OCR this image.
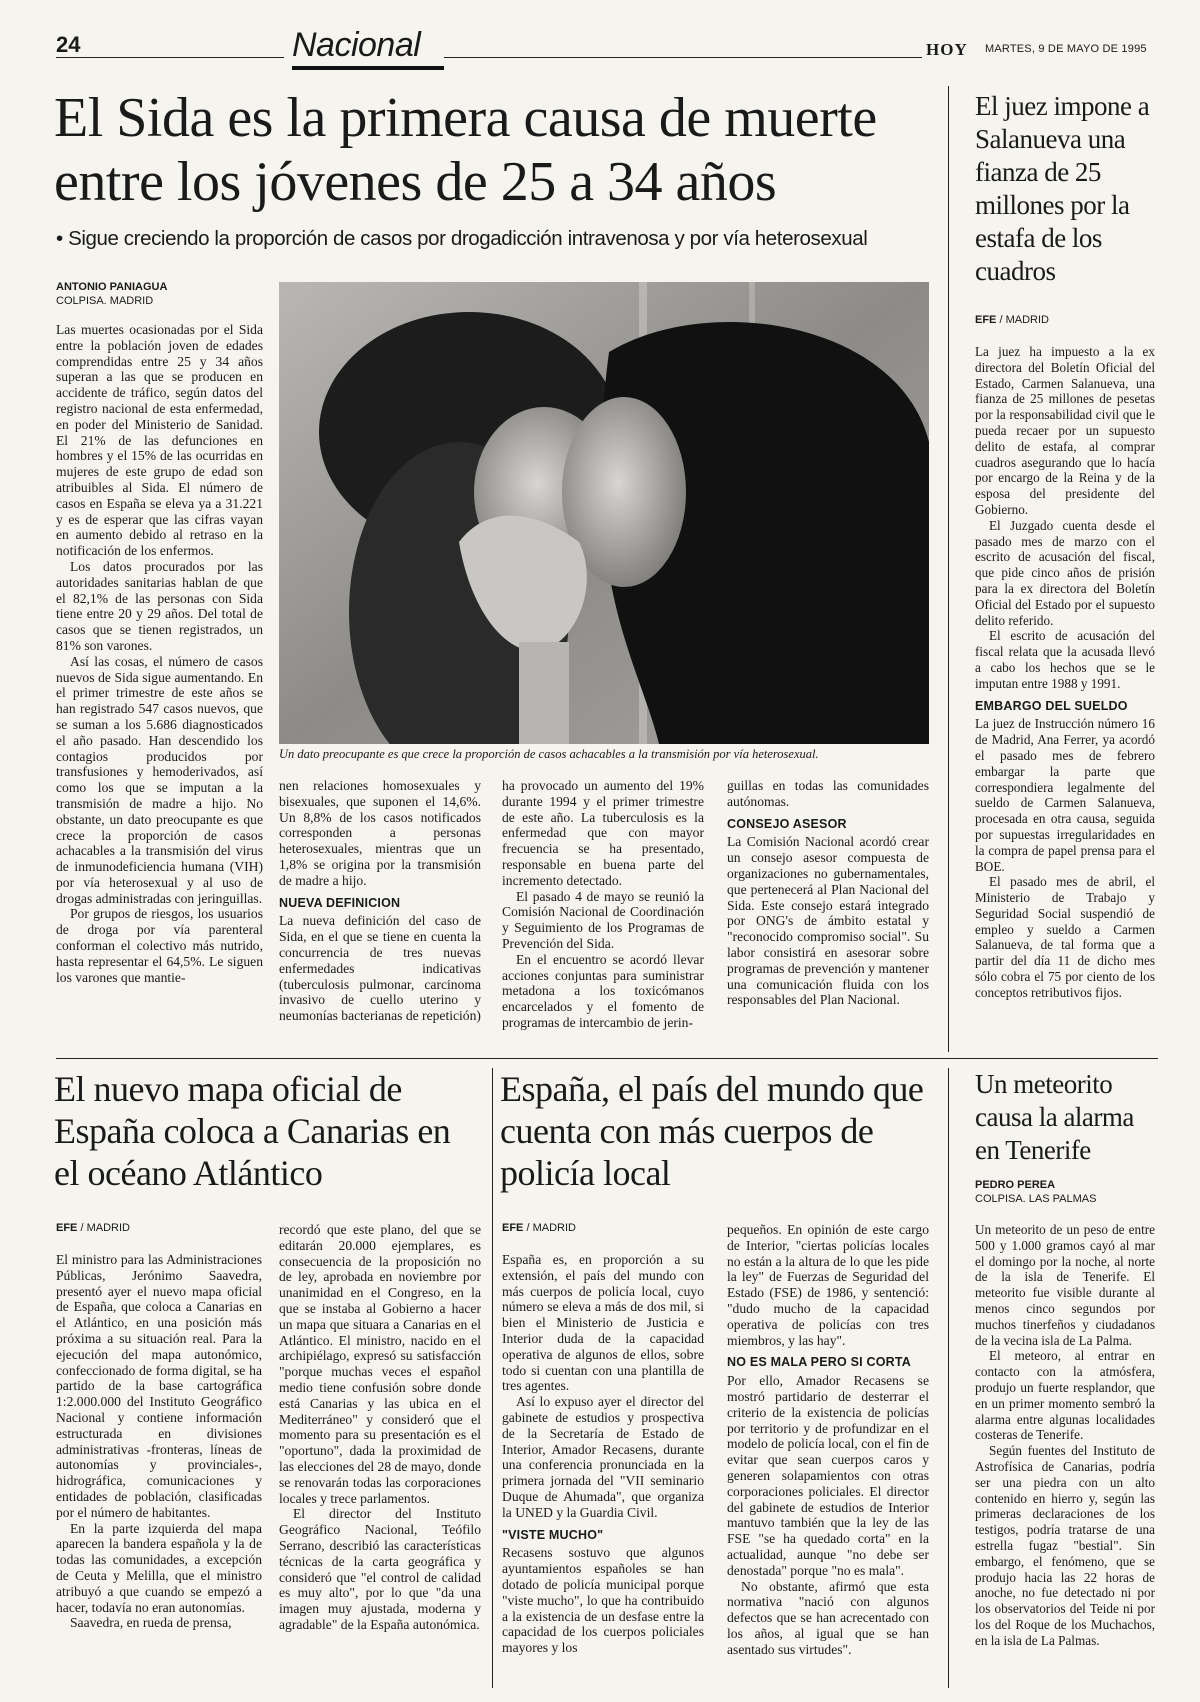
24	Nacional	HOY MARTES, 9 DE MAYO DE 1995
El Sida es la primera causa de muerte
entre los jóvenes de 25 a 34 años
• Sigue creciendo la proporción de casos por drogadicción intravenosa y por vía heterosexual
ANTONIO PANIAGUA
COLPISA. MADRID
Un dato preocupante es que crece la proporción de casos achacables a la transmisión por vía heterosexual.

Las muertes ocasionadas por el Sida entre la población joven de edades comprendidas entre 25 y 34 años superan a las que se producen en accidente de tráfico, según datos del registro nacional de esta enfermedad, en poder del Ministerio de Sanidad. El 21% de las defunciones en hombres y el 15% de las ocurridas en mujeres de este grupo de edad son atribuibles al Sida. El número de casos en España se eleva ya a 31.221 y es de esperar que las cifras vayan en aumento debido al retraso en la notificación de los enfermos.

Los datos procurados por las autoridades sanitarias hablan de que el 82,1% de las personas con Sida tiene entre 20 y 29 años. Del total de casos que se tienen registrados, un 81% son varones.

Así las cosas, el número de casos nuevos de Sida sigue aumentando. En el primer trimestre de este años se han registrado 547 casos nuevos, que se suman a los 5.686 diagnosticados el año pasado. Han descendido los contagios producidos por transfusiones y hemoderivados, así como los que se imputan a la transmisión de madre a hijo. No obstante, un dato preocupante es que crece la proporción de casos achacables a la transmisión del virus de inmunodeficiencia humana (VIH) por vía heterosexual y al uso de drogas administradas con jeringuillas.

Por grupos de riesgos, los usuarios de droga por vía parenteral conforman el colectivo más nutrido, hasta representar el 64,5%. Le siguen los varones que mantie-

nen relaciones homosexuales y bisexuales, que suponen el 14,6%. Un 8,8% de los casos notificados corresponden a personas heterosexuales, mientras que un 1,8% se origina por la transmisión de madre a hijo.

NUEVA DEFINICION

La nueva definición del caso de Sida, en el que se tiene en cuenta la concurrencia de tres nuevas enfermedades indicativas (tuberculosis pulmonar, carcinoma invasivo de cuello uterino y neumonías bacterianas de repetición)

ha provocado un aumento del 19% durante 1994 y el primer trimestre de este año. La tuberculosis es la enfermedad que con mayor frecuencia se ha presentado, responsable en buena parte del incremento detectado.

El pasado 4 de mayo se reunió la Comisión Nacional de Coordinación y Seguimiento de los Programas de Prevención del Sida.

En el encuentro se acordó llevar acciones conjuntas para suministrar metadona a los toxicómanos encarcelados y el fomento de programas de intercambio de jerin-

guillas en todas las comunidades autónomas.

CONSEJO ASESOR

La Comisión Nacional acordó crear un consejo asesor compuesta de organizaciones no gubernamentales, que pertenecerá al Plan Nacional del Sida. Este consejo estará integrado por ONG's de ámbito estatal y "reconocido compromiso social". Su labor consistirá en asesorar sobre programas de prevención y mantener una comunicación fluida con los responsables del Plan Nacional.

El juez impone a Salanueva una fianza de 25 millones por la estafa de los cuadros
EFE / MADRID

La juez ha impuesto a la ex directora del Boletín Oficial del Estado, Carmen Salanueva, una fianza de 25 millones de pesetas por la responsabilidad civil que le pueda recaer por un supuesto delito de estafa, al comprar cuadros asegurando que lo hacía por encargo de la Reina y de la esposa del presidente del Gobierno.

El Juzgado cuenta desde el pasado mes de marzo con el escrito de acusación del fiscal, que pide cinco años de prisión para la ex directora del Boletín Oficial del Estado por el supuesto delito referido.

El escrito de acusación del fiscal relata que la acusada llevó a cabo los hechos que se le imputan entre 1988 y 1991.

EMBARGO DEL SUELDO

La juez de Instrucción número 16 de Madrid, Ana Ferrer, ya acordó el pasado mes de febrero embargar la parte que correspondiera legalmente del sueldo de Carmen Salanueva, procesada en otra causa, seguida por supuestas irregularidades en la compra de papel prensa para el BOE.

El pasado mes de abril, el Ministerio de Trabajo y Seguridad Social suspendió de empleo y sueldo a Carmen Salanueva, de tal forma que a partir del día 11 de dicho mes sólo cobra el 75 por ciento de los conceptos retributivos fijos.

El nuevo mapa oficial de España coloca a Canarias en el océano Atlántico
EFE / MADRID

El ministro para las Administraciones Públicas, Jerónimo Saavedra, presentó ayer el nuevo mapa oficial de España, que coloca a Canarias en el Atlántico, en una posición más próxima a su situación real. Para la ejecución del mapa autonómico, confeccionado de forma digital, se ha partido de la base cartográfica 1:2.000.000 del Instituto Geográfico Nacional y contiene información estructurada en divisiones administrativas -fronteras, líneas de autonomías y provinciales-, hidrográfica, comunicaciones y entidades de población, clasificadas por el número de habitantes.

En la parte izquierda del mapa aparecen la bandera española y la de todas las comunidades, a excepción de Ceuta y Melilla, que el ministro atribuyó a que cuando se empezó a hacer, todavía no eran autonomías.

Saavedra, en rueda de prensa,

recordó que este plano, del que se editarán 20.000 ejemplares, es consecuencia de la proposición no de ley, aprobada en noviembre por unanimidad en el Congreso, en la que se instaba al Gobierno a hacer un mapa que situara a Canarias en el Atlántico. El ministro, nacido en el archipiélago, expresó su satisfacción "porque muchas veces el español medio tiene confusión sobre donde está Canarias y las ubica en el Mediterráneo" y consideró que el momento para su presentación es el "oportuno", dada la proximidad de las elecciones del 28 de mayo, donde se renovarán todas las corporaciones locales y trece parlamentos.

El director del Instituto Geográfico Nacional, Teófilo Serrano, describió las características técnicas de la carta geográfica y consideró que "el control de calidad es muy alto", por lo que "da una imagen muy ajustada, moderna y agradable" de la España autonómica.

España, el país del mundo que cuenta con más cuerpos de policía local
EFE / MADRID

España es, en proporción a su extensión, el país del mundo con más cuerpos de policía local, cuyo número se eleva a más de dos mil, si bien el Ministerio de Justicia e Interior duda de la capacidad operativa de algunos de ellos, sobre todo si cuentan con una plantilla de tres agentes.

Así lo expuso ayer el director del gabinete de estudios y prospectiva de la Secretaría de Estado de Interior, Amador Recasens, durante una conferencia pronunciada en la primera jornada del "VII seminario Duque de Ahumada", que organiza la UNED y la Guardia Civil.

"VISTE MUCHO"

Recasens sostuvo que algunos ayuntamientos españoles se han dotado de policía municipal porque "viste mucho", lo que ha contribuido a la existencia de un desfase entre la capacidad de los cuerpos policiales mayores y los

pequeños. En opinión de este cargo de Interior, "ciertas policías locales no están a la altura de lo que les pide la ley" de Fuerzas de Seguridad del Estado (FSE) de 1986, y sentenció: "dudo mucho de la capacidad operativa de policías con tres miembros, y las hay".

NO ES MALA PERO SI CORTA

Por ello, Amador Recasens se mostró partidario de desterrar el criterio de la existencia de policías por territorio y de profundizar en el modelo de policía local, con el fin de evitar que sean cuerpos caros y generen solapamientos con otras corporaciones policiales. El director del gabinete de estudios de Interior mantuvo también que la ley de las FSE "se ha quedado corta" en la actualidad, aunque "no debe ser denostada" porque "no es mala".

No obstante, afirmó que esta normativa "nació con algunos defectos que se han acrecentado con los años, al igual que se han asentado sus virtudes".

Un meteorito causa la alarma en Tenerife
PEDRO PEREA
COLPISA. LAS PALMAS

Un meteorito de un peso de entre 500 y 1.000 gramos cayó al mar el domingo por la noche, al norte de la isla de Tenerife. El meteorito fue visible durante al menos cinco segundos por muchos tinerfeños y ciudadanos de la vecina isla de La Palma.

El meteoro, al entrar en contacto con la atmósfera, produjo un fuerte resplandor, que en un primer momento sembró la alarma entre algunas localidades costeras de Tenerife.

Según fuentes del Instituto de Astrofísica de Canarias, podría ser una piedra con un alto contenido en hierro y, según las primeras declaraciones de los testigos, podría tratarse de una estrella fugaz "bestial". Sin embargo, el fenómeno, que se produjo hacia las 22 horas de anoche, no fue detectado ni por los observatorios del Teide ni por los del Roque de los Muchachos, en la isla de La Palmas.
